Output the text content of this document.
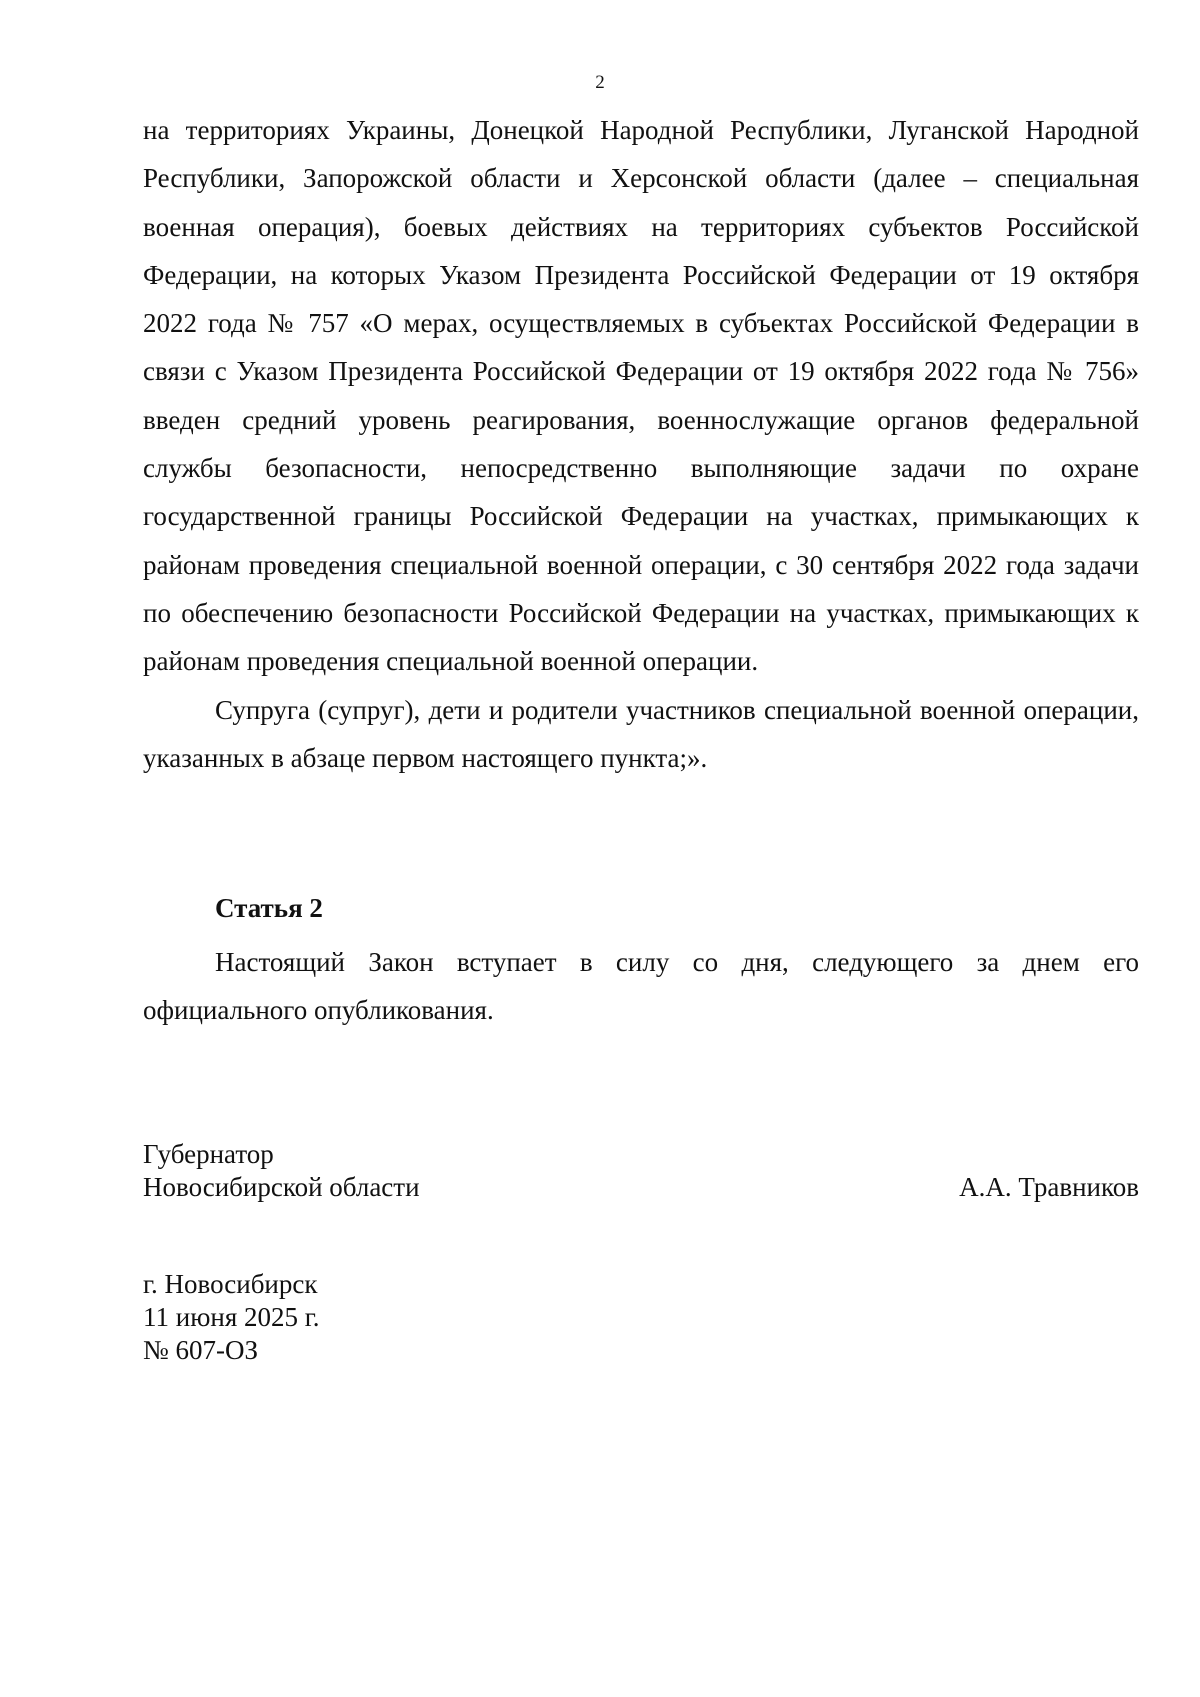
2

на территориях Украины, Донецкой Народной Республики, Луганской Народной Республики, Запорожской области и Херсонской области (далее – специальная военная операция), боевых действиях на территориях субъектов Российской Федерации, на которых Указом Президента Российской Федерации от 19 октября 2022 года № 757 «О мерах, осуществляемых в субъектах Российской Федерации в связи с Указом Президента Российской Федерации от 19 октября 2022 года № 756» введен средний уровень реагирования, военнослужащие органов федеральной службы безопасности, непосредственно выполняющие задачи по охране государственной границы Российской Федерации на участках, примыкающих к районам проведения специальной военной операции, с 30 сентября 2022 года задачи по обеспечению безопасности Российской Федерации на участках, примыкающих к районам проведения специальной военной операции.

Супруга (супруг), дети и родители участников специальной военной операции, указанных в абзаце первом настоящего пункта;».

Статья 2

Настоящий Закон вступает в силу со дня, следующего за днем его официального опубликования.

Губернатор

Новосибирской области	А.А. Травников

г. Новосибирск

11 июня 2025 г.

№ 607-ОЗ
